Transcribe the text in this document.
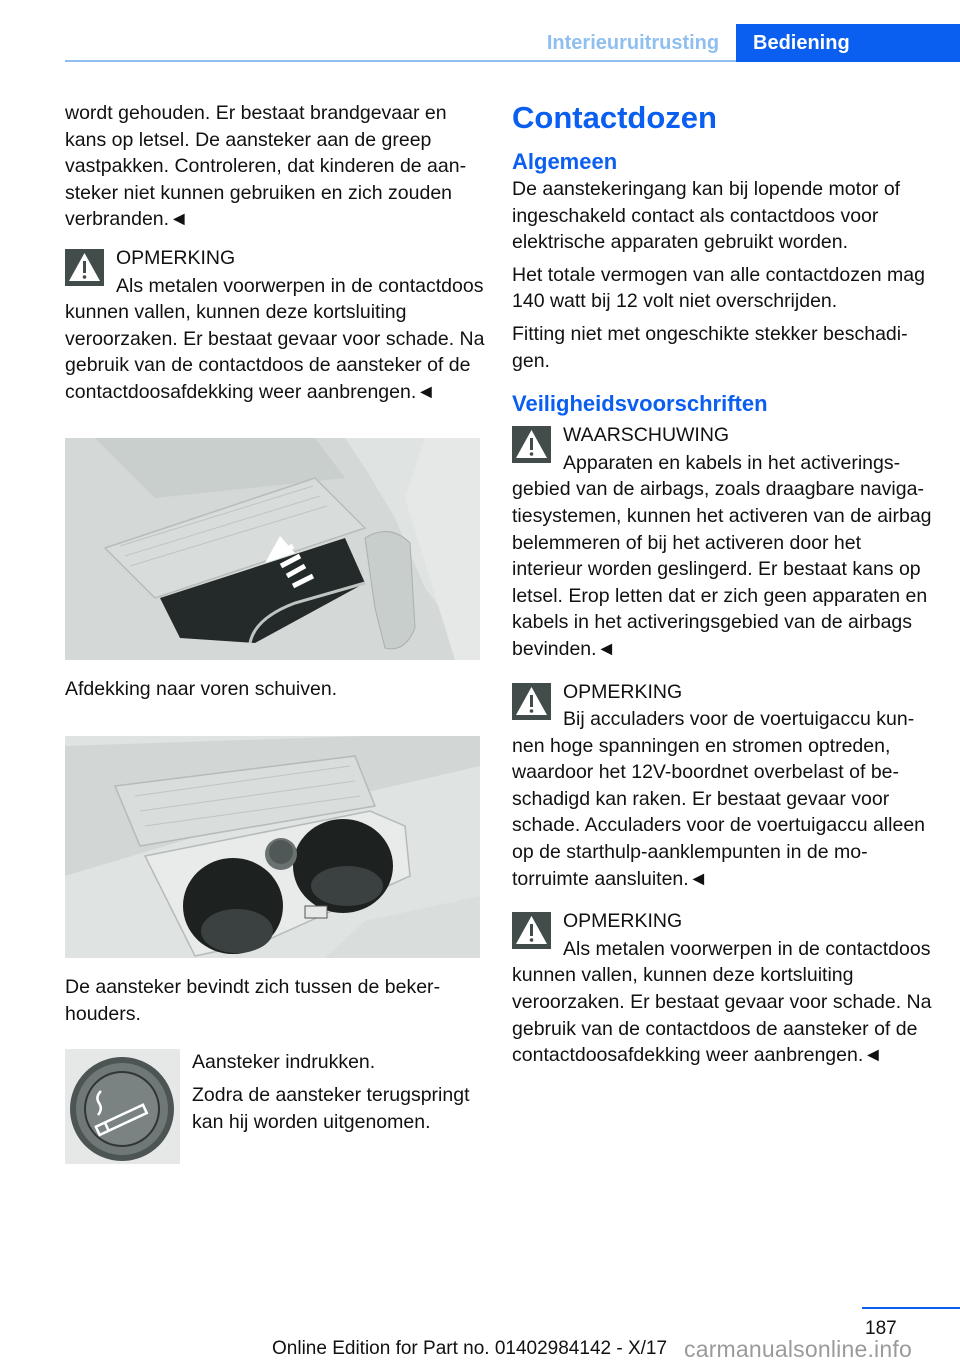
Interieuruitrusting	Bediening

wordt gehouden. Er bestaat brandgevaar en kans op letsel. De aansteker aan de greep vastpakken. Controleren, dat kinderen de aansteker niet kunnen gebruiken en zich zouden verbranden.◄

OPMERKING
Als metalen voorwerpen in de contactdoos kunnen vallen, kunnen deze kortsluiting veroorzaken. Er bestaat gevaar voor schade. Na gebruik van de contactdoos de aansteker of de contactdoosafdekking weer aanbrengen.◄

Afdekking naar voren schuiven.

De aansteker bevindt zich tussen de bekerhouders.

Aansteker indrukken.

Zodra de aansteker terugspringt kan hij worden uitgenomen.

Contactdozen
Algemeen

De aanstekeringang kan bij lopende motor of ingeschakeld contact als contactdoos voor elektrische apparaten gebruikt worden.

Het totale vermogen van alle contactdozen mag 140 watt bij 12 volt niet overschrijden.

Fitting niet met ongeschikte stekker beschadigen.

Veiligheidsvoorschriften
WAARSCHUWING
Apparaten en kabels in het activeringsgebied van de airbags, zoals draagbare navigatiesystemen, kunnen het activeren van de airbag belemmeren of bij het activeren door het interieur worden geslingerd. Er bestaat kans op letsel. Erop letten dat er zich geen apparaten en kabels in het activeringsgebied van de airbags bevinden.◄
OPMERKING
Bij acculaders voor de voertuigaccu kunnen hoge spanningen en stromen optreden, waardoor het 12V-boordnet overbelast of beschadigd kan raken. Er bestaat gevaar voor schade. Acculaders voor de voertuigaccu alleen op de starthulp-aanklempunten in de motorruimte aansluiten.◄
OPMERKING
Als metalen voorwerpen in de contactdoos kunnen vallen, kunnen deze kortsluiting veroorzaken. Er bestaat gevaar voor schade. Na gebruik van de contactdoos de aansteker of de contactdoosafdekking weer aanbrengen.◄
187
Online Edition for Part no. 01402984142 - X/17 carmanualsonline.info
